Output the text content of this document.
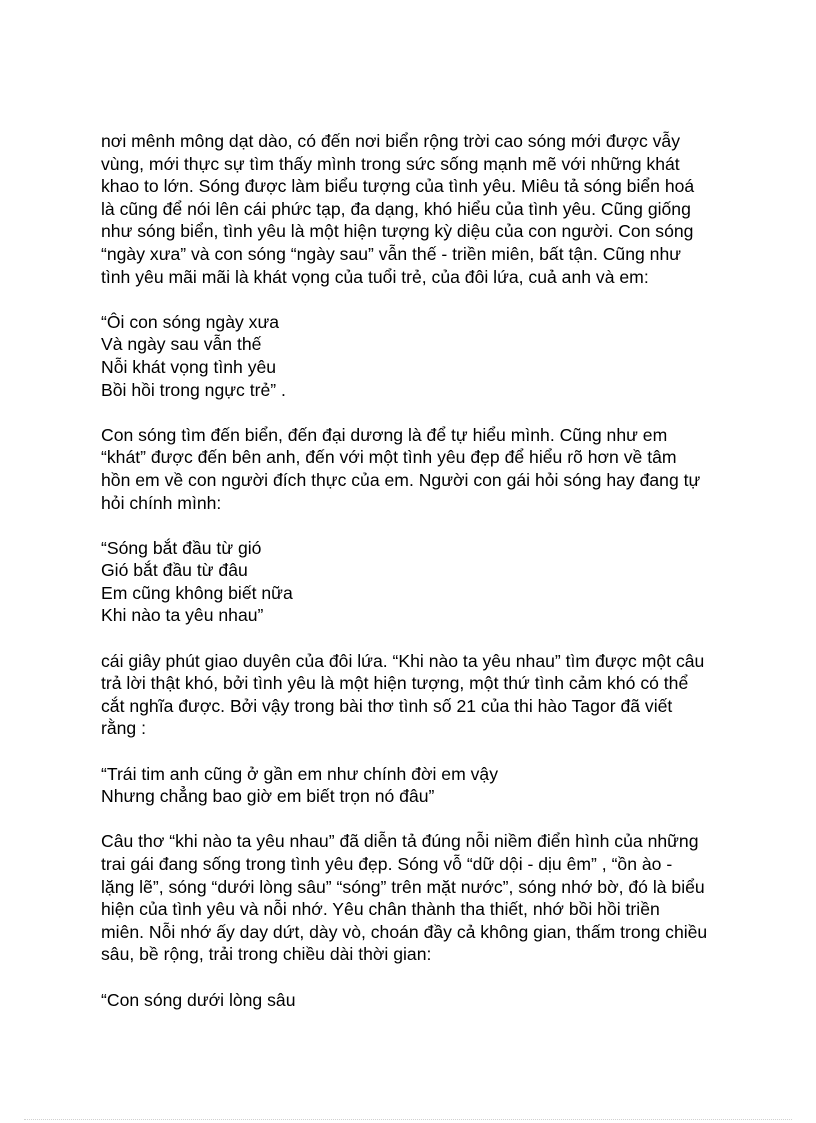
nơi mênh mông dạt dào, có đến nơi biển rộng trời cao sóng mới được vẫy
vùng, mới thực sự tìm thấy mình trong sức sống mạnh mẽ với những khát
khao to lớn. Sóng được làm biểu tượng của tình yêu. Miêu tả sóng biển hoá
là cũng để nói lên cái phức tạp, đa dạng, khó hiểu của tình yêu. Cũng giống
như sóng biển, tình yêu là một hiện tượng kỳ diệu của con người. Con sóng
“ngày xưa” và con sóng “ngày sau” vẫn thế - triền miên, bất tận. Cũng như
tình yêu mãi mãi là khát vọng của tuổi trẻ, của đôi lứa, cuả anh và em:
“Ôi con sóng ngày xưa
Và ngày sau vẫn thế
Nỗi khát vọng tình yêu
Bồi hồi trong ngực trẻ” .
Con sóng tìm đến biển, đến đại dương là để tự hiểu mình. Cũng như em
“khát” được đến bên anh, đến với một tình yêu đẹp để hiểu rõ hơn về tâm
hồn em về con người đích thực của em. Người con gái hỏi sóng hay đang tự
hỏi chính mình:
“Sóng bắt đầu từ gió
Gió bắt đầu từ đâu
Em cũng không biết nữa
Khi nào ta yêu nhau”
cái giây phút giao duyên của đôi lứa. “Khi nào ta yêu nhau” tìm được một câu
trả lời thật khó, bởi tình yêu là một hiện tượng, một thứ tình cảm khó có thể
cắt nghĩa được. Bởi vậy trong bài thơ tình số 21 của thi hào Tagor đã viết
rằng :
“Trái tim anh cũng ở gần em như chính đời em vậy
Nhưng chẳng bao giờ em biết trọn nó đâu”
Câu thơ “khi nào ta yêu nhau” đã diễn tả đúng nỗi niềm điển hình của những
trai gái đang sống trong tình yêu đẹp. Sóng vỗ “dữ dội - dịu êm” , “ồn ào -
lặng lẽ”, sóng “dưới lòng sâu” “sóng” trên mặt nước”, sóng nhớ bờ, đó là biểu
hiện của tình yêu và nỗi nhớ. Yêu chân thành tha thiết, nhớ bồi hồi triền
miên. Nỗi nhớ ấy day dứt, dày vò, choán đầy cả không gian, thấm trong chiều
sâu, bề rộng, trải trong chiều dài thời gian:
“Con sóng dưới lòng sâu
